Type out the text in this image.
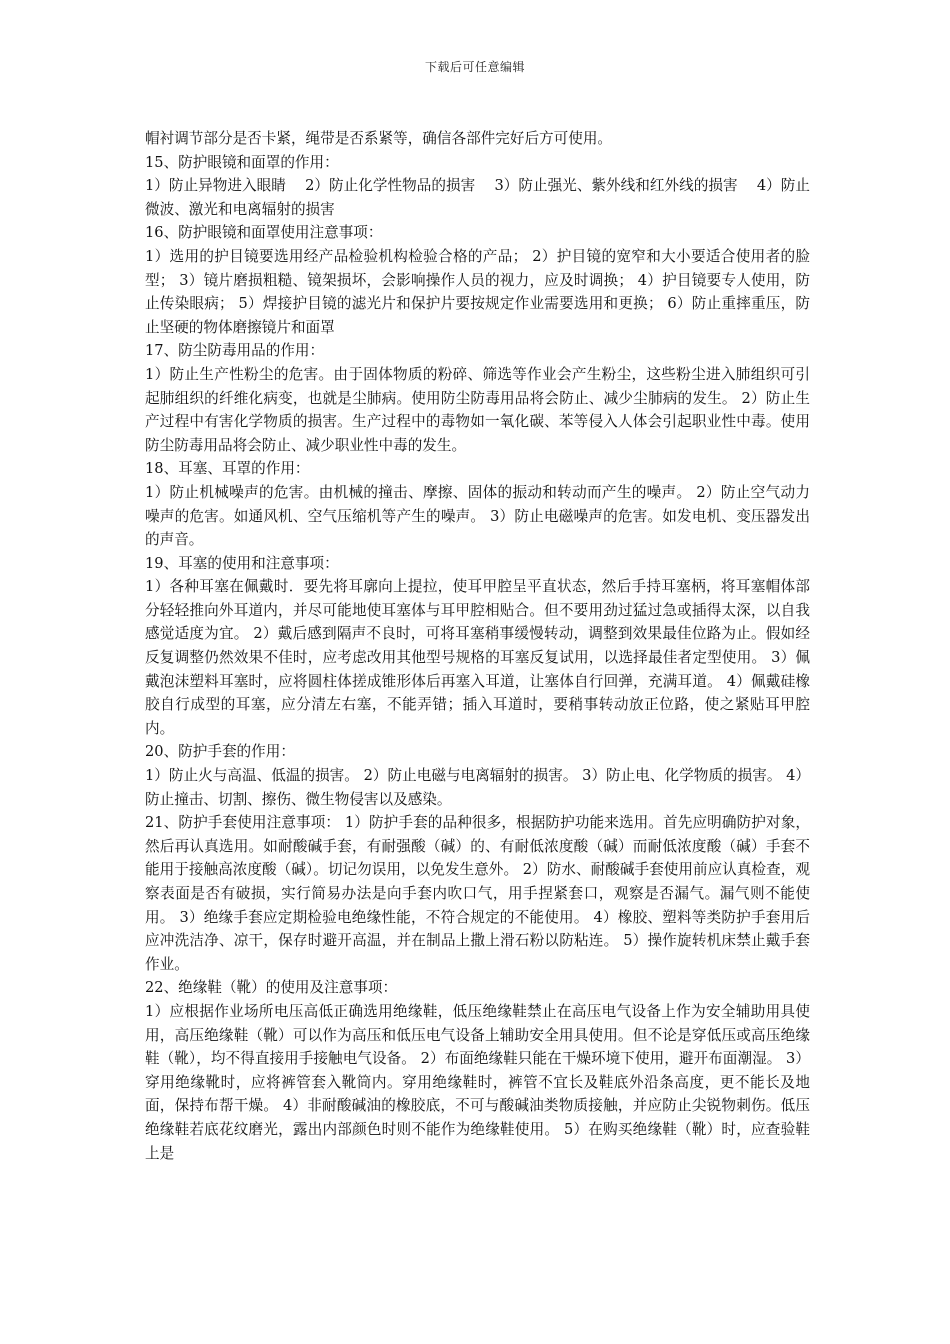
下载后可任意编辑

帽衬调节部分是否卡紧，绳带是否系紧等，确信各部件完好后方可使用。

15、防护眼镜和面罩的作用：

1）防止异物进入眼睛　 2）防止化学性物品的损害　 3）防止强光、紫外线和红外线的损害　 4）防止微波、激光和电离辐射的损害

16、防护眼镜和面罩使用注意事项：

1）选用的护目镜要选用经产品检验机构检验合格的产品； 2）护目镜的宽窄和大小要适合使用者的脸型； 3）镜片磨损粗糙、镜架损坏，会影响操作人员的视力，应及时调换； 4）护目镜要专人使用，防止传染眼病； 5）焊接护目镜的滤光片和保护片要按规定作业需要选用和更换； 6）防止重摔重压，防止坚硬的物体磨擦镜片和面罩

17、防尘防毒用品的作用：

1）防止生产性粉尘的危害。由于固体物质的粉碎、筛选等作业会产生粉尘，这些粉尘进入肺组织可引起肺组织的纤维化病变，也就是尘肺病。使用防尘防毒用品将会防止、减少尘肺病的发生。 2）防止生产过程中有害化学物质的损害。生产过程中的毒物如一氧化碳、苯等侵入人体会引起职业性中毒。使用防尘防毒用品将会防止、减少职业性中毒的发生。

18、耳塞、耳罩的作用：

1）防止机械噪声的危害。由机械的撞击、摩擦、固体的振动和转动而产生的噪声。 2）防止空气动力噪声的危害。如通风机、空气压缩机等产生的噪声。 3）防止电磁噪声的危害。如发电机、变压器发出的声音。

19、耳塞的使用和注意事项：

1）各种耳塞在佩戴时．要先将耳廓向上提拉，使耳甲腔呈平直状态，然后手持耳塞柄，将耳塞帽体部分轻轻推向外耳道内，并尽可能地使耳塞体与耳甲腔相贴合。但不要用劲过猛过急或插得太深，以自我感觉适度为宜。 2）戴后感到隔声不良时，可将耳塞稍事缓慢转动，调整到效果最佳位路为止。假如经反复调整仍然效果不佳时，应考虑改用其他型号规格的耳塞反复试用，以选择最佳者定型使用。 3）佩戴泡沫塑料耳塞时，应将圆柱体搓成锥形体后再塞入耳道，让塞体自行回弹，充满耳道。 4）佩戴硅橡胶自行成型的耳塞，应分清左右塞，不能弄错；插入耳道时，要稍事转动放正位路，使之紧贴耳甲腔内。

20、防护手套的作用：

1）防止火与高温、低温的损害。 2）防止电磁与电离辐射的损害。 3）防止电、化学物质的损害。 4）防止撞击、切割、擦伤、微生物侵害以及感染。

21、防护手套使用注意事项： 1）防护手套的品种很多，根据防护功能来选用。首先应明确防护对象，然后再认真选用。如耐酸碱手套，有耐强酸（碱）的、有耐低浓度酸（碱）而耐低浓度酸（碱）手套不能用于接触高浓度酸（碱）。切记勿误用，以免发生意外。 2）防水、耐酸碱手套使用前应认真检查，观察表面是否有破损，实行简易办法是向手套内吹口气，用手捏紧套口，观察是否漏气。漏气则不能使用。 3）绝缘手套应定期检验电绝缘性能，不符合规定的不能使用。 4）橡胶、塑料等类防护手套用后应冲洗洁净、凉干，保存时避开高温，并在制品上撒上滑石粉以防粘连。 5）操作旋转机床禁止戴手套作业。

22、绝缘鞋（靴）的使用及注意事项：

1）应根据作业场所电压高低正确选用绝缘鞋，低压绝缘鞋禁止在高压电气设备上作为安全辅助用具使用，高压绝缘鞋（靴）可以作为高压和低压电气设备上辅助安全用具使用。但不论是穿低压或高压绝缘鞋（靴），均不得直接用手接触电气设备。 2）布面绝缘鞋只能在干燥环境下使用，避开布面潮湿。 3）穿用绝缘靴时，应将裤管套入靴筒内。穿用绝缘鞋时，裤管不宜长及鞋底外沿条高度，更不能长及地面，保持布帮干燥。 4）非耐酸碱油的橡胶底，不可与酸碱油类物质接触，并应防止尖锐物刺伤。低压绝缘鞋若底花纹磨光，露出内部颜色时则不能作为绝缘鞋使用。 5）在购买绝缘鞋（靴）时，应查验鞋上是
